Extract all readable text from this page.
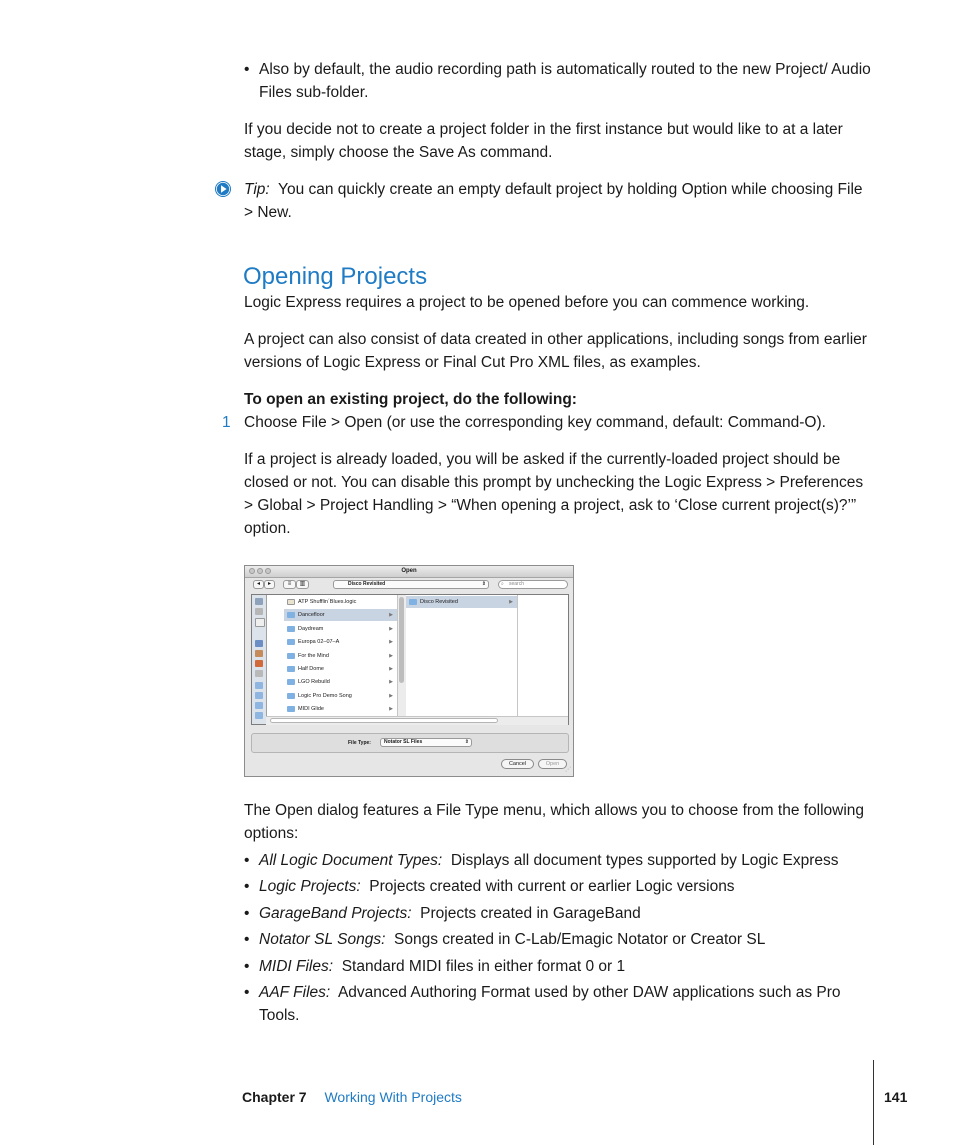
• Also by default, the audio recording path is automatically routed to the new Project/ Audio Files sub-folder.

If you decide not to create a project folder in the first instance but would like to at a later stage, simply choose the Save As command.

Tip: You can quickly create an empty default project by holding Option while choosing File > New.

Opening Projects

Logic Express requires a project to be opened before you can commence working.

A project can also consist of data created in other applications, including songs from earlier versions of Logic Express or Final Cut Pro XML files, as examples.

To open an existing project, do the following:

1 Choose File > Open (or use the corresponding key command, default: Command-O).

If a project is already loaded, you will be asked if the currently-loaded project should be closed or not. You can disable this prompt by unchecking the Logic Express > Preferences > Global > Project Handling > “When opening a project, ask to ‘Close current project(s)?’” option.

Open
◂	▸	≡	▥	Disco Revisited	⇕	⌕ search
ATP Shufflin´Blues.logic
Dancefloor	▶
Daydream	▶
Europa 02–07–A	▶
For the Mind	▶
Half Dome	▶
LGO Rebuild	▶
Logic Pro Demo Song	▶
MIDI Glide	▶
Disco Revisited	▶
File Type:	Notator SL Files	⇕
Cancel	Open
⋰

The Open dialog features a File Type menu, which allows you to choose from the following options:

• All Logic Document Types: Displays all document types supported by Logic Express
• Logic Projects: Projects created with current or earlier Logic versions
• GarageBand Projects: Projects created in GarageBand
• Notator SL Songs: Songs created in C-Lab/Emagic Notator or Creator SL
• MIDI Files: Standard MIDI files in either format 0 or 1
• AAF Files: Advanced Authoring Format used by other DAW applications such as Pro Tools.
Chapter 7 Working With Projects	141
